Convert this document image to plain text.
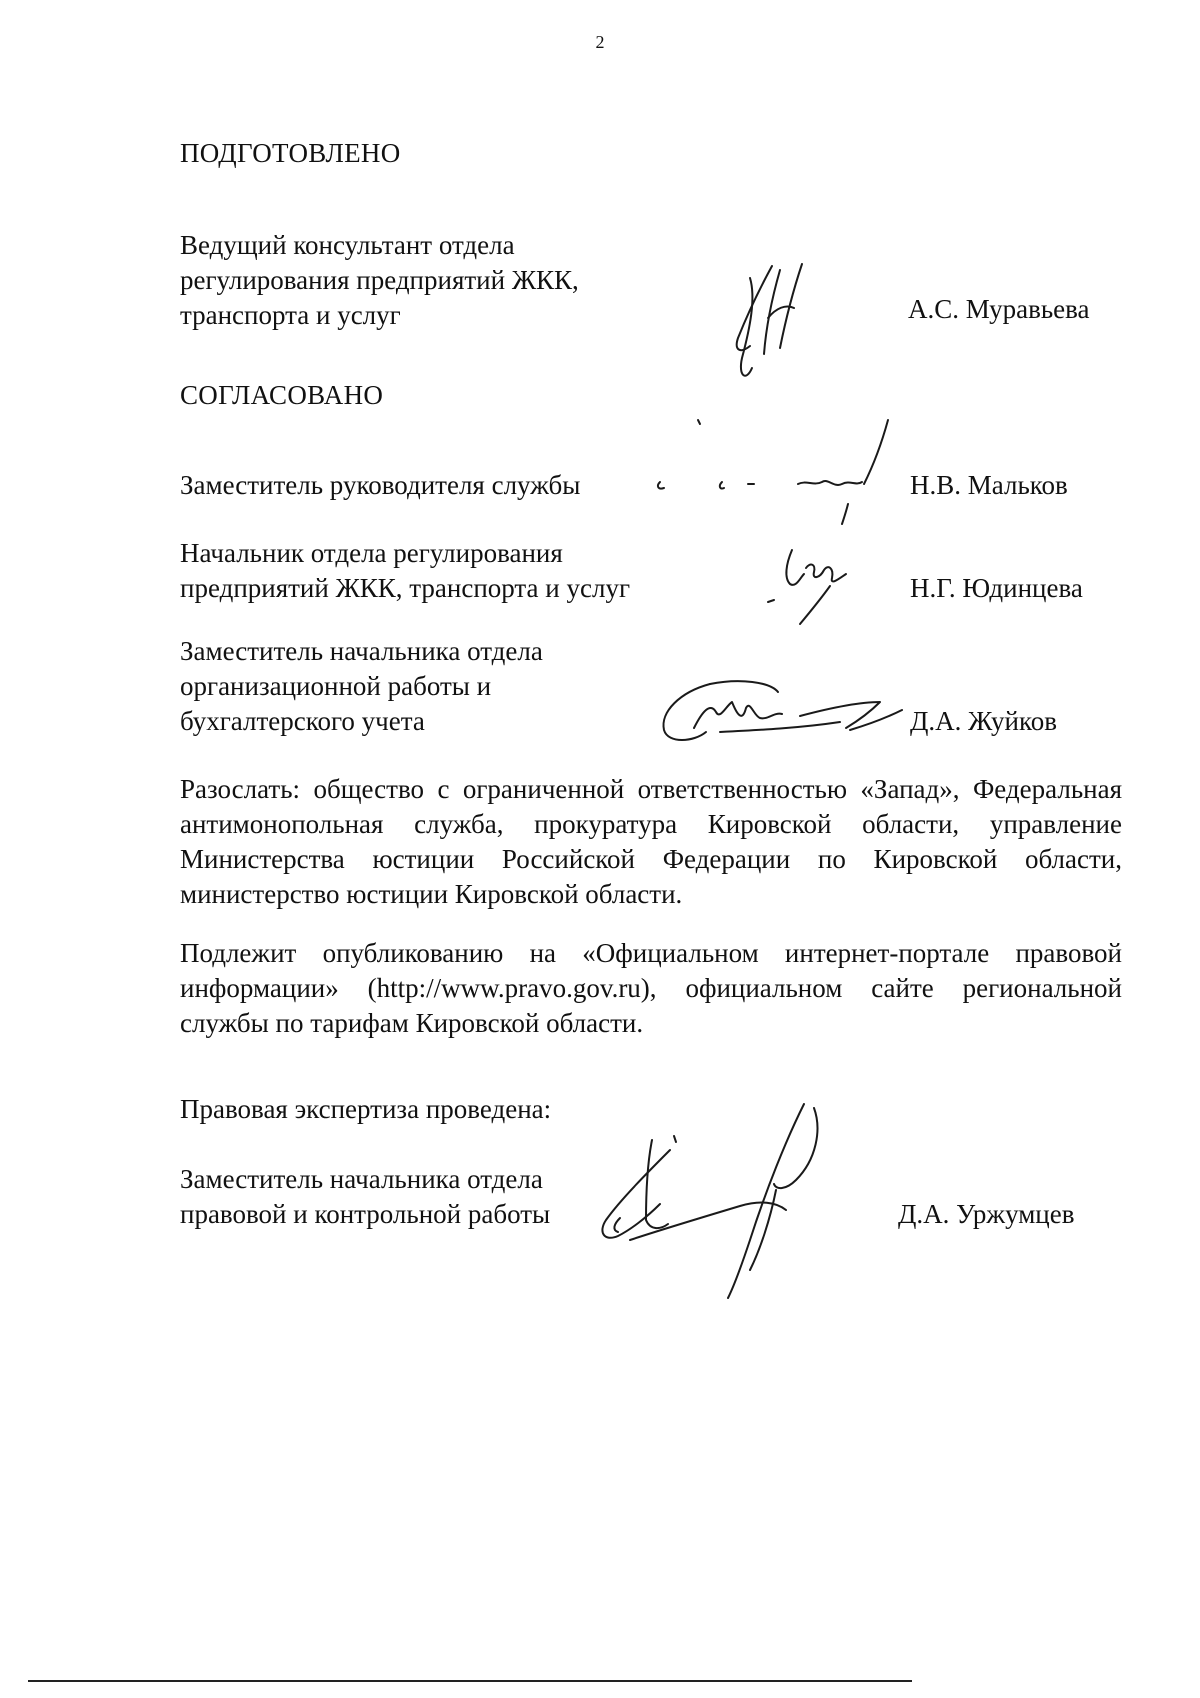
2
ПОДГОТОВЛЕНО
Ведущий консультант отдела
регулирования предприятий ЖКК,
транспорта и услуг	А.С. Муравьева
СОГЛАСОВАНО
Заместитель руководителя службы	Н.В. Мальков
Начальник отдела регулирования
предприятий ЖКК, транспорта и услуг	Н.Г. Юдинцева
Заместитель начальника отдела
организационной работы и
бухгалтерского учета	Д.А. Жуйков
Разослать: общество с ограниченной ответственностью «Запад», Федеральная антимонопольная служба, прокуратура Кировской области, управление Министерства юстиции Российской Федерации по Кировской области, министерство юстиции Кировской области.
Подлежит опубликованию на «Официальном интернет-портале правовой информации» (http://www.pravo.gov.ru), официальном сайте региональной службы по тарифам Кировской области.
Правовая экспертиза проведена:
Заместитель начальника отдела
правовой и контрольной работы	Д.А. Уржумцев
